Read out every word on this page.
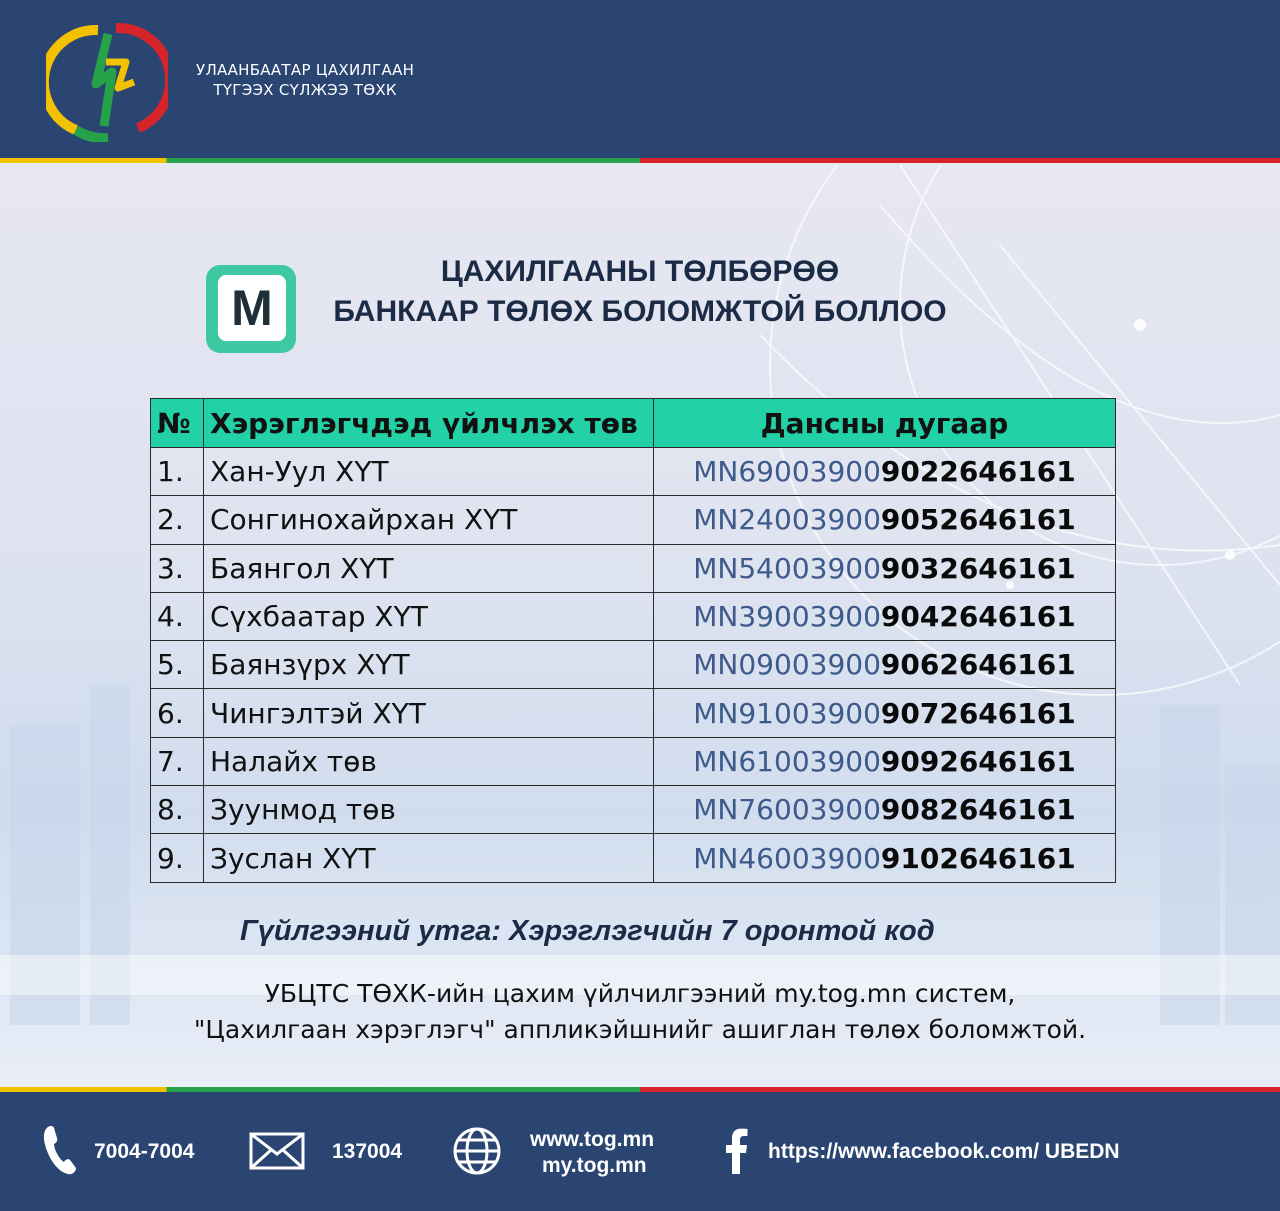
УЛААНБААТАР ЦАХИЛГААН
ТҮГЭЭХ СҮЛЖЭЭ ТӨХК
M
ЦАХИЛГААНЫ ТӨЛБӨРӨӨ
БАНКААР ТӨЛӨХ БОЛОМЖТОЙ БОЛЛОО
№	Хэрэглэгчдэд үйлчлэх төв	Дансны дугаар
1.	Хан-Уул ХҮТ	MN690039009022646161
2.	Сонгинохайрхан ХҮТ	MN240039009052646161
3.	Баянгол ХҮТ	MN540039009032646161
4.	Сүхбаатар ХҮТ	MN390039009042646161
5.	Баянзүрх ХҮТ	MN090039009062646161
6.	Чингэлтэй ХҮТ	MN910039009072646161
7.	Налайх төв	MN610039009092646161
8.	Зуунмод төв	MN760039009082646161
9.	Зуслан ХҮТ	MN460039009102646161
Гүйлгээний утга: Хэрэглэгчийн 7 оронтой код
УБЦТС ТӨХК-ийн цахим үйлчилгээний my.tog.mn систем,
"Цахилгаан хэрэглэгч" аппликэйшнийг ашиглан төлөх боломжтой.
7004-7004	137004
www.tog.mn
my.tog.mn
https://www.facebook.com/ UBEDN
